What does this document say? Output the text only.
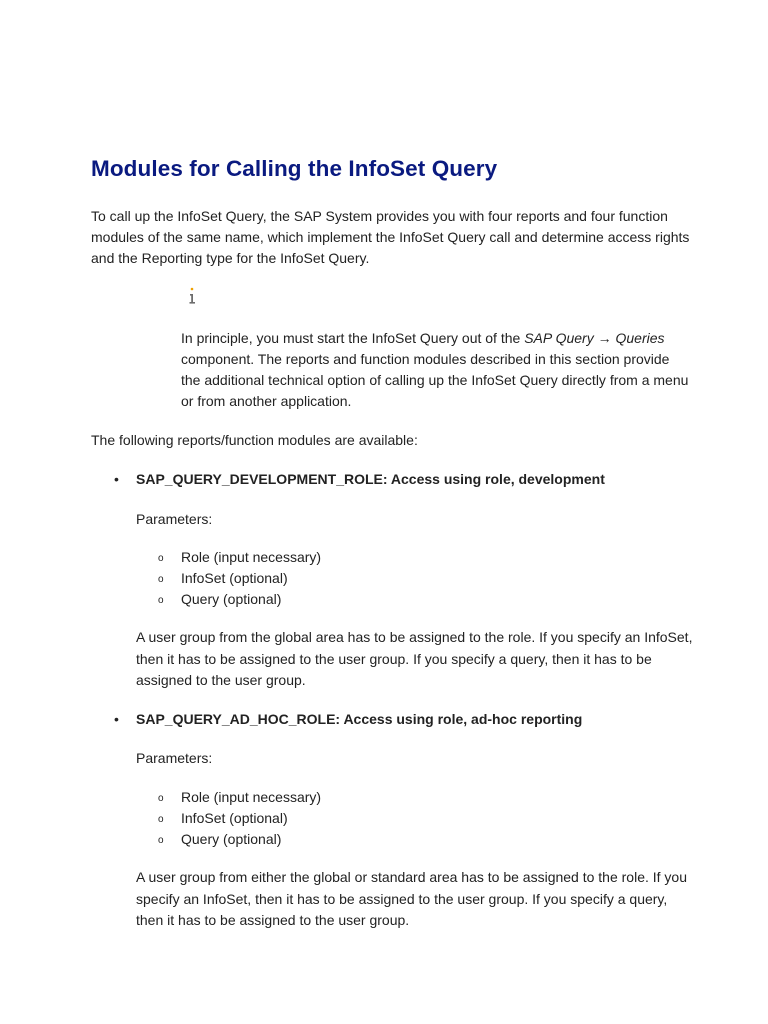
Modules for Calling the InfoSet Query
To call up the InfoSet Query, the SAP System provides you with four reports and four function modules of the same name, which implement the InfoSet Query call and determine access rights and the Reporting type for the InfoSet Query.
In principle, you must start the InfoSet Query out of the SAP Query → Queries component. The reports and function modules described in this section provide the additional technical option of calling up the InfoSet Query directly from a menu or from another application.
The following reports/function modules are available:
• SAP_QUERY_DEVELOPMENT_ROLE: Access using role, development
Parameters:
o Role (input necessary)
o InfoSet (optional)
o Query (optional)
A user group from the global area has to be assigned to the role. If you specify an InfoSet, then it has to be assigned to the user group. If you specify a query, then it has to be assigned to the user group.
• SAP_QUERY_AD_HOC_ROLE: Access using role, ad-hoc reporting
Parameters:
o Role (input necessary)
o InfoSet (optional)
o Query (optional)
A user group from either the global or standard area has to be assigned to the role. If you specify an InfoSet, then it has to be assigned to the user group. If you specify a query, then it has to be assigned to the user group.
